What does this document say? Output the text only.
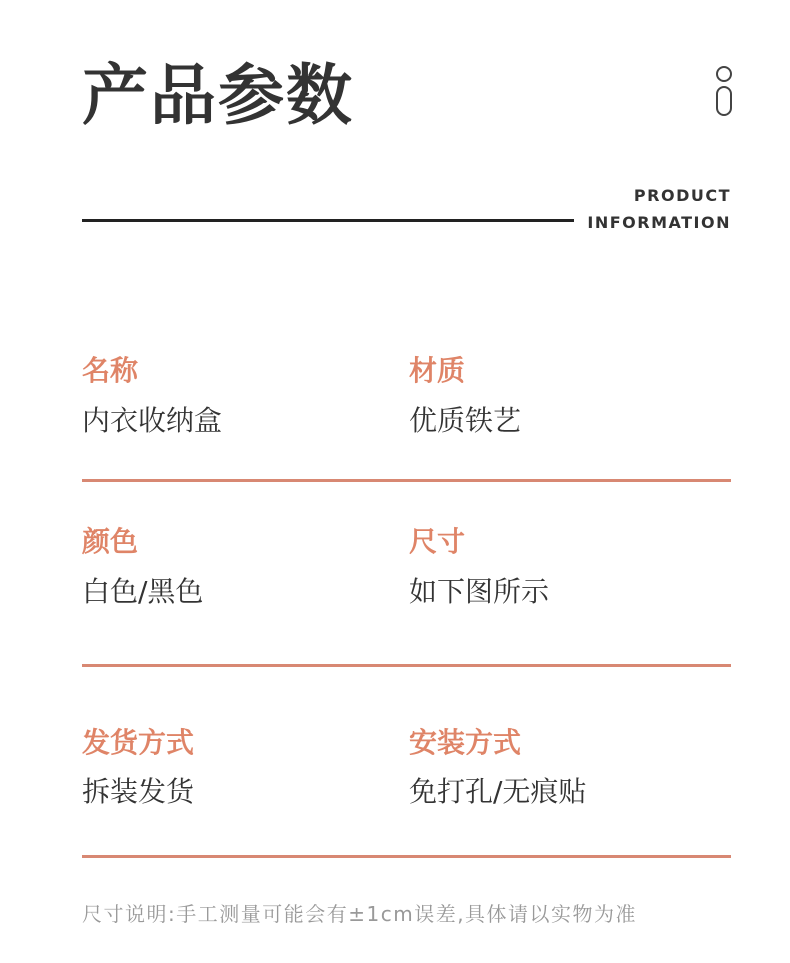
产品参数
PRODUCT
INFORMATION
名称
内衣收纳盒
材质
优质铁艺
颜色
白色/黑色
尺寸
如下图所示
发货方式
拆装发货
安装方式
免打孔/无痕贴
尺寸说明:手工测量可能会有±1cm误差,具体请以实物为准
